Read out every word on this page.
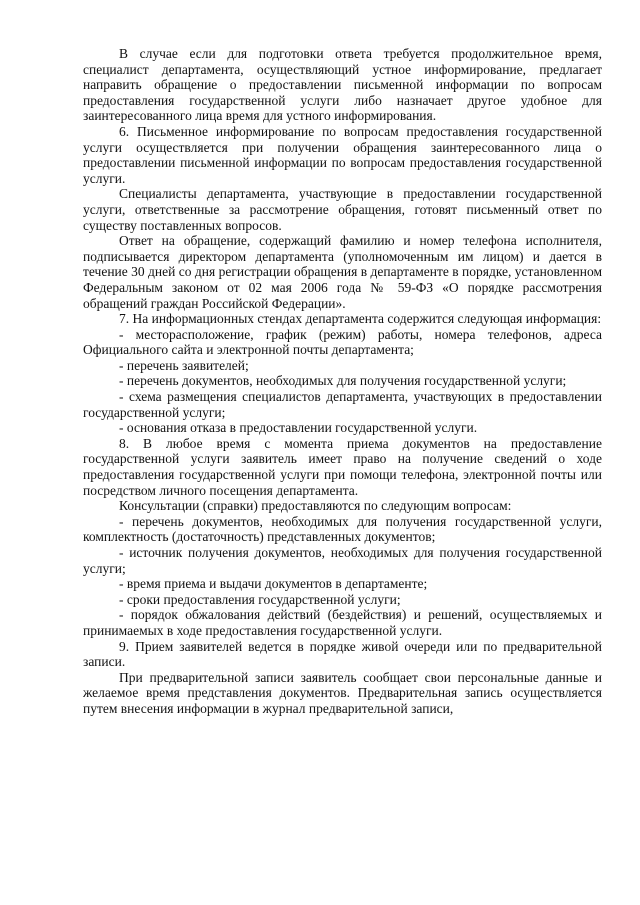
В случае если для подготовки ответа требуется продолжительное время, специалист департамента, осуществляющий устное информирование, предлагает направить обращение о предоставлении письменной информации по вопросам предоставления государственной услуги либо назначает другое удобное для заинтересованного лица время для устного информирования.

6. Письменное информирование по вопросам предоставления государственной услуги осуществляется при получении обращения заинтересованного лица о предоставлении письменной информации по вопросам предоставления государственной услуги.

Специалисты департамента, участвующие в предоставлении государственной услуги, ответственные за рассмотрение обращения, готовят письменный ответ по существу поставленных вопросов.

Ответ на обращение, содержащий фамилию и номер телефона исполнителя, подписывается директором департамента (уполномоченным им лицом) и дается в течение 30 дней со дня регистрации обращения в департаменте в порядке, установленном Федеральным законом от 02 мая 2006 года № 59-ФЗ «О порядке рассмотрения обращений граждан Российской Федерации».

7. На информационных стендах департамента содержится следующая информация:

- месторасположение, график (режим) работы, номера телефонов, адреса Официального сайта и электронной почты департамента;

- перечень заявителей;

- перечень документов, необходимых для получения государственной услуги;

- схема размещения специалистов департамента, участвующих в предоставлении государственной услуги;

- основания отказа в предоставлении государственной услуги.

8. В любое время с момента приема документов на предоставление государственной услуги заявитель имеет право на получение сведений о ходе предоставления государственной услуги при помощи телефона, электронной почты или посредством личного посещения департамента.

Консультации (справки) предоставляются по следующим вопросам:

- перечень документов, необходимых для получения государственной услуги, комплектность (достаточность) представленных документов;

- источник получения документов, необходимых для получения государственной услуги;

- время приема и выдачи документов в департаменте;

- сроки предоставления государственной услуги;

- порядок обжалования действий (бездействия) и решений, осуществляемых и принимаемых в ходе предоставления государственной услуги.

9. Прием заявителей ведется в порядке живой очереди или по предварительной записи.

При предварительной записи заявитель сообщает свои персональные данные и желаемое время представления документов. Предварительная запись осуществляется путем внесения информации в журнал предварительной записи,
